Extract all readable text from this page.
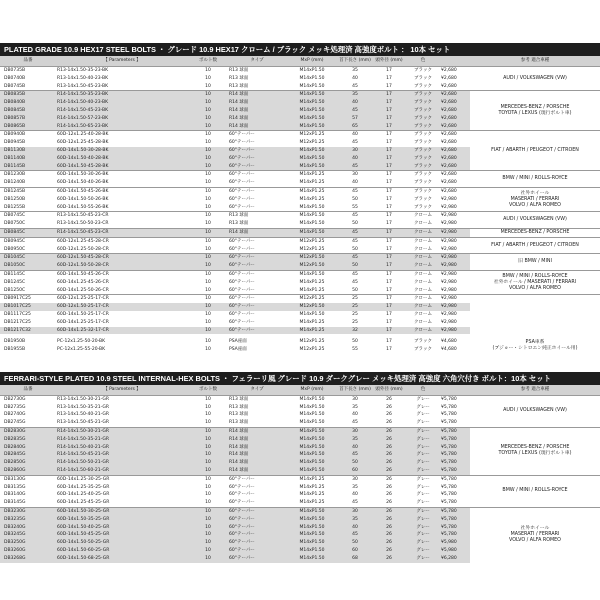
PLATED GRADE 10.9 HEX17 STEEL BOLTS ・ グレード 10.9 HEX17 クローム / ブラック メッキ処理済 高強度ボルト ： 10本 セット
品番	【 Parameters 】	ボルト数	タイプ	MxP (mm)	首下長さ (mm)	頭外径 (mm)	色		参考 適合車種
DB0735B	R13-14x1.50-35-23-BK	10	R13 球面	M14xP1.50	35	17	ブラック	¥2,680	AUDI / VOLKSWAGEN (VW)
DB0740B	R13-14x1.50-40-23-BK	10	R13 球面	M14xP1.50	40	17	ブラック	¥2,680	
DB0745B	R13-14x1.50-45-23-BK	10	R13 球面	M14xP1.50	45	17	ブラック	¥2,680	
DB0835B	R14-14x1.50-35-23-BK	10	R14 球面	M14xP1.50	35	17	ブラック	¥2,680	MERCEDES-BENZ / PORSCHE
TOYOTA / LEXUS (現行ボルト車)
DB0840B	R14-14x1.50-40-23-BK	10	R14 球面	M14xP1.50	40	17	ブラック	¥2,680	
DB0845B	R14-14x1.50-45-23-BK	10	R14 球面	M14xP1.50	45	17	ブラック	¥2,680	
DB0857B	R14-14x1.50-57-23-BK	10	R14 球面	M14xP1.50	57	17	ブラック	¥2,680	
DB0865B	R14-14x1.50-65-23-BK	10	R14 球面	M14xP1.50	65	17	ブラック	¥2,680	
DB0940B	60D-12x1.25-40-28-BK	10	60°テーパー	M12xP1.25	40	17	ブラック	¥2,680	FIAT / ABARTH / PEUGEOT / CITROEN
DB0945B	60D-12x1.25-45-28-BK	10	60°テーパー	M12xP1.25	45	17	ブラック	¥2,680	
DB1130B	60D-14x1.50-30-28-BK	10	60°テーパー	M14xP1.50	30	17	ブラック	¥2,680	
DB1140B	60D-14x1.50-40-28-BK	10	60°テーパー	M14xP1.50	40	17	ブラック	¥2,680	
DB1145B	60D-14x1.50-45-28-BK	10	60°テーパー	M14xP1.50	45	17	ブラック	¥2,680	
DB1230B	60D-14x1.50-30-26-BK	10	60°テーパー	M14xP1.25	30	17	ブラック	¥2,680	BMW / MINI / ROLLS-ROYCE
DB1240B	60D-14x1.50-40-26-BK	10	60°テーパー	M14xP1.25	40	17	ブラック	¥2,680	
DB1245B	60D-14x1.50-45-26-BK	10	60°テーパー	M14xP1.25	45	17	ブラック	¥2,680	社外ホイール
MASERATI / FERRARI
VOLVO / ALFA ROMEO
DB1250B	60D-14x1.50-50-26-BK	10	60°テーパー	M14xP1.25	50	17	ブラック	¥2,980	
DB1255B	60D-14x1.50-55-26-BK	10	60°テーパー	M14xP1.50	55	17	ブラック	¥2,980	
DB0745C	R13-14x1.50-45-23-CR	10	R13 球面	M14xP1.50	45	17	クローム	¥2,980	AUDI / VOLKSWAGEN (VW)
DB0750C	R13-14x1.50-50-23-CR	10	R13 球面	M14xP1.50	50	17	クローム	¥2,980	
DB0845C	R14-14x1.50-45-23-CR	10	R14 球面	M14xP1.50	45	17	クローム	¥2,980	MERCEDES-BENZ / PORSCHE
DB0945C	60D-12x1.25-45-28-CR	10	60°テーパー	M12xP1.25	45	17	クローム	¥2,980	FIAT / ABARTH / PEUGEOT / CITROEN
DB0950C	60D-12x1.25-50-28-CR	10	60°テーパー	M12xP1.25	50	17	クローム	¥2,980	
DB1045C	60D-12x1.50-45-28-CR	10	60°テーパー	M12xP1.50	45	17	クローム	¥2,980	旧 BMW / MINI
DB1050C	60D-12x1.50-50-28-CR	10	60°テーパー	M12xP1.50	50	17	クローム	¥2,980	
DB1145C	60D-14x1.50-45-26-CR	10	60°テーパー	M14xP1.50	45	17	クローム	¥2,980	BMW / MINI / ROLLS-ROYCE
社外ホイール / MASERATI / FERRARI
VOLVO / ALFA ROMEO
DB1245C	60D-14x1.25-45-26-CR	10	60°テーパー	M14xP1.25	45	17	クローム	¥2,980	
DB1250C	60D-14x1.25-50-26-CR	10	60°テーパー	M14xP1.25	50	17	クローム	¥2,980	
DB0917C25	60D-12x1.25-25-17-CR	10	60°テーパー	M12xP1.25	25	17	クローム	¥2,980	
DB1017C25	60D-12x1.50-25-17-CR	10	60°テーパー	M12xP1.50	25	17	クローム	¥2,980	
DB1117C25	60D-14x1.50-25-17-CR	10	60°テーパー	M14xP1.50	25	17	クローム	¥2,980	
DB1217C25	60D-14x1.25-25-17-CR	10	60°テーパー	M14xP1.25	25	17	クローム	¥2,980	
DB1217C32	60D-14x1.25-32-17-CR	10	60°テーパー	M14xP1.25	32	17	クローム	¥2,980	
DB1950B	PC-12x1.25-50-20-BK	10	PSA座面	M12xP1.25	50	17	ブラック	¥4,680	PSA車系
(ブジョー・シトロエン純正ホイール用)
DB1955B	PC-12x1.25-55-20-BK	10	PSA座面	M12xP1.25	55	17	ブラック	¥4,680	
FERRARI-STYLE PLATED 10.9 STEEL INTERNAL-HEX BOLTS ・ フェラーリ風 グレード 10.9 ダークグレー メッキ処理済 高強度 六角穴付き ボルト：10本 セット
品番	【 Parameters 】	ボルト数	タイプ	MxP (mm)	首下長さ (mm)	頭外径 (mm)	色		参考 適合車種
DB2730G	R13-14x1.50-30-21-GR	10	R13 球面	M14xP1.50	30	26	グレー	¥5,780	AUDI / VOLKSWAGEN (VW)
DB2735G	R13-14x1.50-35-21-GR	10	R13 球面	M14xP1.50	35	26	グレー	¥5,780	
DB2740G	R13-14x1.50-40-21-GR	10	R13 球面	M14xP1.50	40	26	グレー	¥5,780	
DB2745G	R13-14x1.50-45-21-GR	10	R13 球面	M14xP1.50	45	26	グレー	¥5,780	
DB2830G	R14-14x1.50-30-21-GR	10	R14 球面	M14xP1.50	30	26	グレー	¥5,780	MERCEDES-BENZ / PORSCHE
TOYOTA / LEXUS (現行ボルト車)
DB2835G	R14-14x1.50-35-21-GR	10	R14 球面	M14xP1.50	35	26	グレー	¥5,780	
DB2840G	R14-14x1.50-40-21-GR	10	R14 球面	M14xP1.50	40	26	グレー	¥5,780	
DB2845G	R14-14x1.50-45-21-GR	10	R14 球面	M14xP1.50	45	26	グレー	¥5,780	
DB2850G	R14-14x1.50-50-21-GR	10	R14 球面	M14xP1.50	50	26	グレー	¥5,780	
DB2860G	R14-14x1.50-60-21-GR	10	R14 球面	M14xP1.50	60	26	グレー	¥5,780	
DB3130G	60D-14x1.25-30-25-GR	10	60°テーパー	M14xP1.25	30	26	グレー	¥5,780	BMW / MINI / ROLLS-ROYCE
DB3135G	60D-14x1.25-35-25-GR	10	60°テーパー	M14xP1.25	35	26	グレー	¥5,780	
DB3140G	60D-14x1.25-40-25-GR	10	60°テーパー	M14xP1.25	40	26	グレー	¥5,780	
DB3145G	60D-14x1.25-45-25-GR	10	60°テーパー	M14xP1.25	45	26	グレー	¥5,780	
DB3230G	60D-14x1.50-30-25-GR	10	60°テーパー	M14xP1.50	30	26	グレー	¥5,780	社外ホイール
MASERATI / FERRARI
VOLVO / ALFA ROMEO
DB3235G	60D-14x1.50-35-25-GR	10	60°テーパー	M14xP1.50	35	26	グレー	¥5,780	
DB3240G	60D-14x1.50-40-25-GR	10	60°テーパー	M14xP1.50	40	26	グレー	¥5,780	
DB3245G	60D-14x1.50-45-25-GR	10	60°テーパー	M14xP1.50	45	26	グレー	¥5,780	
DB3250G	60D-14x1.50-50-25-GR	10	60°テーパー	M14xP1.50	50	26	グレー	¥5,980	
DB3260G	60D-14x1.50-60-25-GR	10	60°テーパー	M14xP1.50	60	26	グレー	¥5,980	
DB3268G	60D-14x1.50-68-25-GR	10	60°テーパー	M14xP1.50	68	26	グレー	¥6,280	
